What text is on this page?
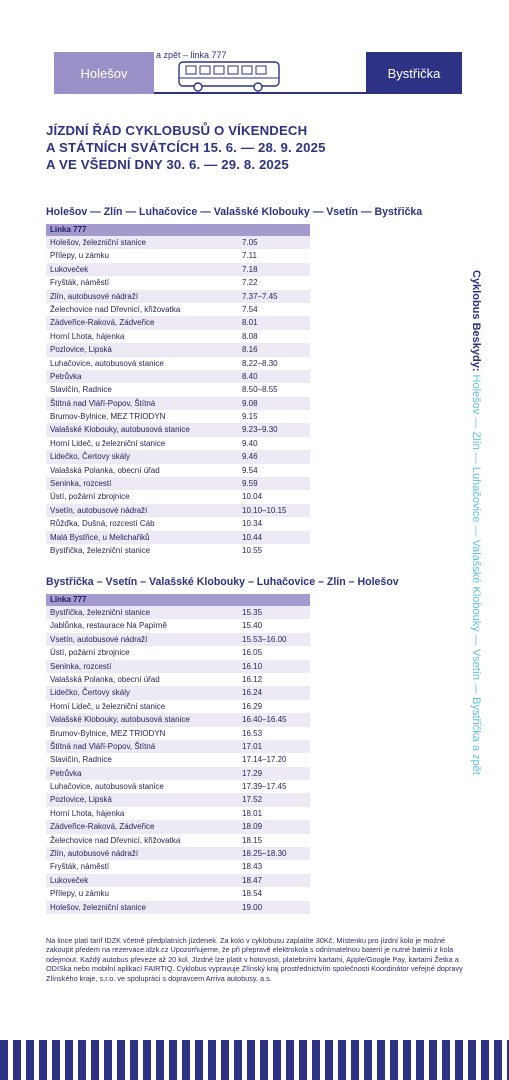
Holešov
a zpět – linka 777
Bystřička
JÍZDNÍ ŘÁD CYKLOBUSŮ O VÍKENDECH
A STÁTNÍCH SVÁTCÍCH 15. 6. — 28. 9. 2025
A VE VŠEDNÍ DNY 30. 6. — 29. 8. 2025
Holešov — Zlín — Luhačovice — Valašské Klobouky — Vsetín — Bystřička
Linka 777
Holešov, železniční stanice	7.05
Přílepy, u zámku	7.11
Lukoveček	7.18
Fryšták, náměstí	7.22
Zlín, autobusové nádraží	7.37–7.45
Želechovice nad Dřevnicí, křižovatka	7.54
Zádveřice-Raková, Zádveřice	8.01
Horní Lhota, hájenka	8.08
Pozlovice, Lipská	8.16
Luhačovice, autobusová stanice	8.22–8.30
Petrůvka	8.40
Slavičín, Radnice	8.50–8.55
Štítná nad Vláří-Popov, Štítná	9.08
Brumov-Bylnice, MEZ TRIODYN	9.15
Valašské Klobouky, autobusová stanice	9.23–9.30
Horní Lideč, u železniční stanice	9.40
Lidečko, Čertovy skály	9.46
Valašská Polanka, obecní úřad	9.54
Seninka, rozcestí	9.59
Ústí, požární zbrojnice	10.04
Vsetín, autobusové nádraží	10.10–10.15
Růžďka, Dušná, rozcestí Cáb	10.34
Malá Bystřice, u Melichařiků	10.44
Bystřička, železniční stanice	10.55
Bystřička – Vsetín – Valašské Klobouky – Luhačovice – Zlín – Holešov
Linka 777
Bystřička, železniční stanice	15.35
Jablůnka, restaurace Na Papírně	15.40
Vsetín, autobusové nádraží	15.53–16.00
Ústí, požární zbrojnice	16.05
Seninka, rozcestí	16.10
Valašská Polanka, obecní úřad	16.12
Lidečko, Čertovy skály	16.24
Horní Lideč, u železniční stanice	16.29
Valašské Klobouky, autobusová stanice	16.40–16.45
Brumov-Bylnice, MEZ TRIODYN	16.53
Štítná nad Vláří-Popov, Štítná	17.01
Slavičín, Radnice	17.14–17.20
Petrůvka	17.29
Luhačovice, autobusová stanice	17.39–17.45
Pozlovice, Lipská	17.52
Horní Lhota, hájenka	18.01
Zádveřice-Raková, Zádveřice	18.09
Želechovice nad Dřevnicí, křižovatka	18.15
Zlín, autobusové nádraží	18.25–18.30
Fryšták, náměstí	18.43
Lukoveček	18.47
Přílepy, u zámku	18.54
Holešov, železniční stanice	19.00
Na lince platí tarif IDZK včetně předplatních jízdenek. Za kolo v cyklobusu zaplatíte 30Kč. Místenku pro jízdní kolo je možné zakoupit předem na rezervace.idzk.cz Upozorňujeme, že při přepravě elektrokola s odnímatelnou baterií je nutné baterii z kola odejmout. Každý autobus převeze až 20 kol. Jízdné lze platit v hotovosti, platebními kartami, Apple/Google Pay, kartami Žetka a ODISka nebo mobilní aplikací FAIRTIQ. Cyklobus vypravuje Zlínský kraj prostřednictvím společnosti Koordinátor veřejné dopravy Zlínského kraje, s.r.o. ve spolupráci s dopravcem Arriva autobusy, a.s.
Cyklobus Beskydy: Holešov — Zlín — Luhačovice — Valašské Klobouky — Vsetín — Bystřička a zpět
